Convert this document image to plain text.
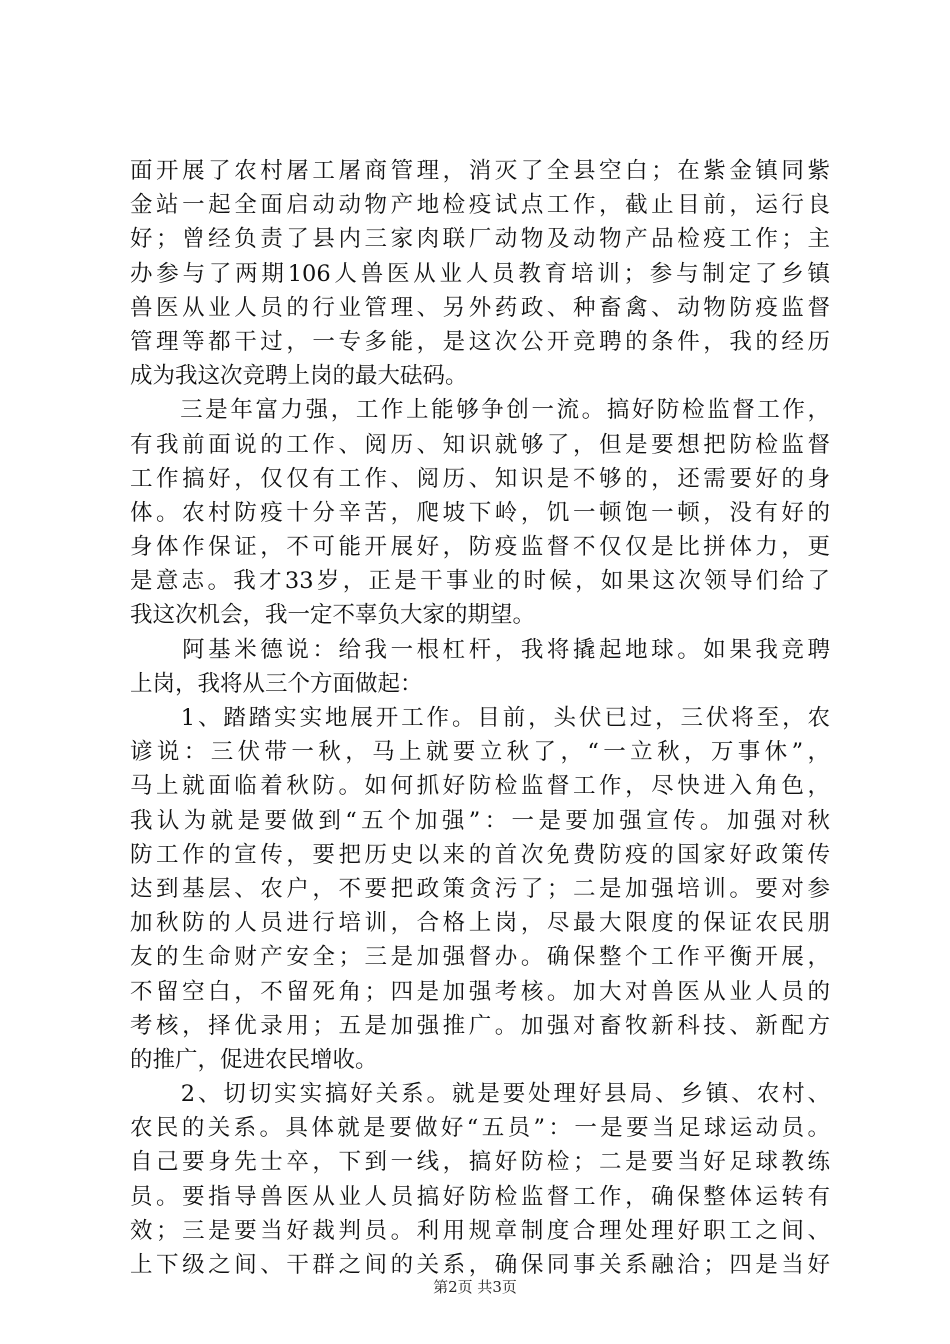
面开展了农村屠工屠商管理，消灭了全县空白；在紫金镇同紫
金站一起全面启动动物产地检疫试点工作，截止目前，运行良
好；曾经负责了县内三家肉联厂动物及动物产品检疫工作；主
办参与了两期106人兽医从业人员教育培训；参与制定了乡镇
兽医从业人员的行业管理、另外药政、种畜禽、动物防疫监督
管理等都干过，一专多能，是这次公开竞聘的条件，我的经历
成为我这次竞聘上岗的最大砝码。
　　三是年富力强，工作上能够争创一流。搞好防检监督工作，
有我前面说的工作、阅历、知识就够了，但是要想把防检监督
工作搞好，仅仅有工作、阅历、知识是不够的，还需要好的身
体。农村防疫十分辛苦，爬坡下岭，饥一顿饱一顿，没有好的
身体作保证，不可能开展好，防疫监督不仅仅是比拼体力，更
是意志。我才33岁，正是干事业的时候，如果这次领导们给了
我这次机会，我一定不辜负大家的期望。
　　阿基米德说：给我一根杠杆，我将撬起地球。如果我竞聘
上岗，我将从三个方面做起：
　　1、踏踏实实地展开工作。目前，头伏已过，三伏将至，农
谚说：三伏带一秋，马上就要立秋了，“一立秋，万事休”，
马上就面临着秋防。如何抓好防检监督工作，尽快进入角色，
我认为就是要做到“五个加强”：一是要加强宣传。加强对秋
防工作的宣传，要把历史以来的首次免费防疫的国家好政策传
达到基层、农户，不要把政策贪污了；二是加强培训。要对参
加秋防的人员进行培训，合格上岗，尽最大限度的保证农民朋
友的生命财产安全；三是加强督办。确保整个工作平衡开展，
不留空白，不留死角；四是加强考核。加大对兽医从业人员的
考核，择优录用；五是加强推广。加强对畜牧新科技、新配方
的推广，促进农民增收。
　　2、切切实实搞好关系。就是要处理好县局、乡镇、农村、
农民的关系。具体就是要做好“五员”：一是要当足球运动员。
自己要身先士卒，下到一线，搞好防检；二是要当好足球教练
员。要指导兽医从业人员搞好防检监督工作，确保整体运转有
效；三是要当好裁判员。利用规章制度合理处理好职工之间、
上下级之间、干群之间的关系，确保同事关系融洽；四是当好
第2页 共3页
